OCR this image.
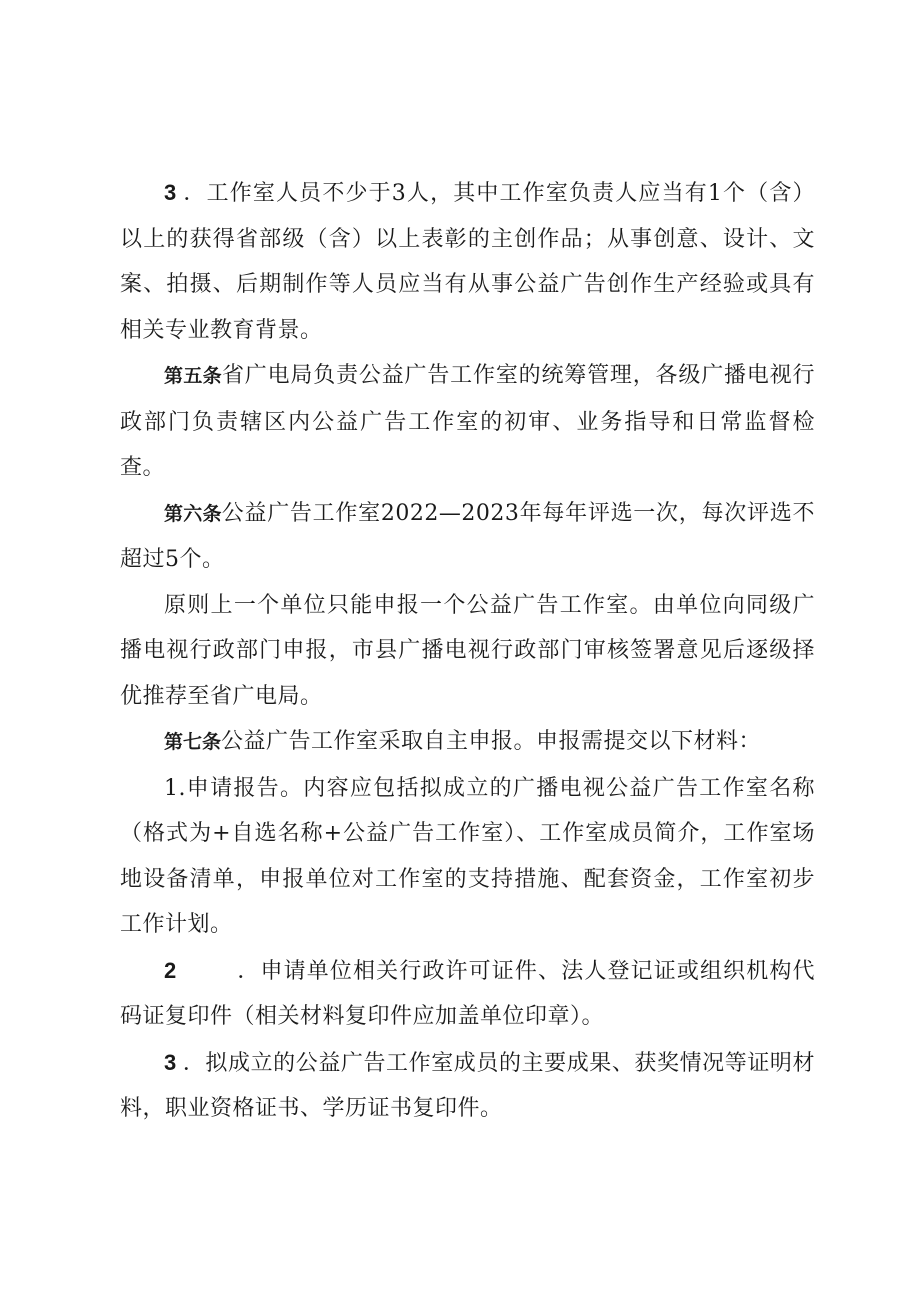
3 ．工作室人员不少于3人，其中工作室负责人应当有1个（含）以上的获得省部级（含）以上表彰的主创作品；从事创意、设计、文案、拍摄、后期制作等人员应当有从事公益广告创作生产经验或具有相关专业教育背景。

第五条省广电局负责公益广告工作室的统筹管理，各级广播电视行政部门负责辖区内公益广告工作室的初审、业务指导和日常监督检查。

第六条公益广告工作室2022—2023年每年评选一次，每次评选不超过5个。

原则上一个单位只能申报一个公益广告工作室。由单位向同级广播电视行政部门申报，市县广播电视行政部门审核签署意见后逐级择优推荐至省广电局。

第七条公益广告工作室采取自主申报。申报需提交以下材料：

1.申请报告。内容应包括拟成立的广播电视公益广告工作室名称（格式为+自选名称+公益广告工作室）、工作室成员简介，工作室场地设备清单，申报单位对工作室的支持措施、配套资金，工作室初步工作计划。

2	．申请单位相关行政许可证件、法人登记证或组织机构代码证复印件（相关材料复印件应加盖单位印章）。

3 ．拟成立的公益广告工作室成员的主要成果、获奖情况等证明材料，职业资格证书、学历证书复印件。
